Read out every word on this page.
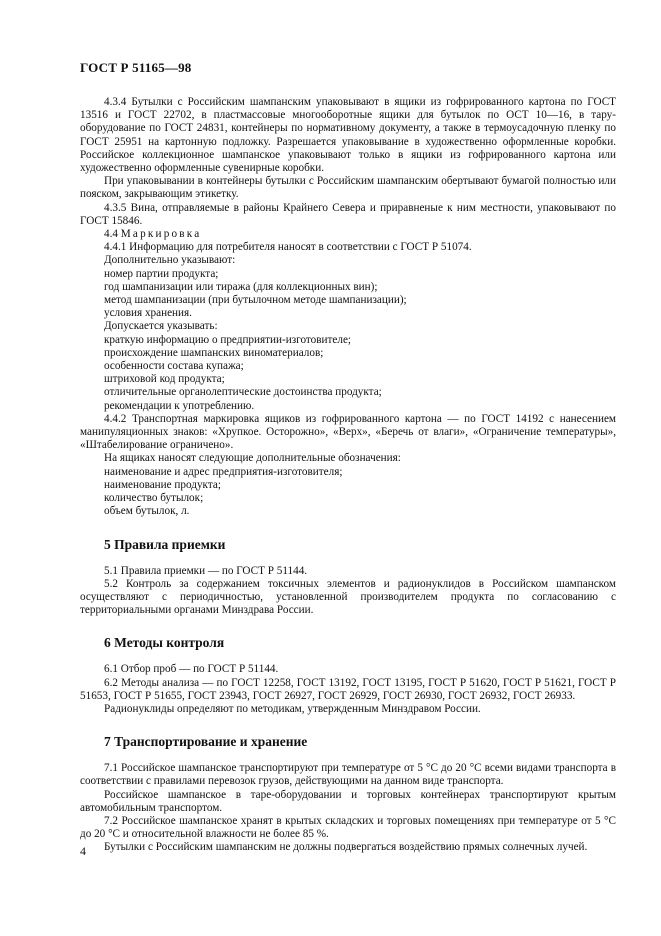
ГОСТ Р 51165—98

4.3.4 Бутылки с Российским шампанским упаковывают в ящики из гофрированного картона по ГОСТ 13516 и ГОСТ 22702, в пластмассовые многооборотные ящики для бутылок по ОСТ 10—16, в тару-оборудование по ГОСТ 24831, контейнеры по нормативному документу, а также в термоусадочную пленку по ГОСТ 25951 на картонную подложку. Разрешается упаковывание в художественно оформленные коробки. Российское коллекционное шампанское упаковывают только в ящики из гофрированного картона или художественно оформленные сувенирные коробки.

При упаковывании в контейнеры бутылки с Российским шампанским обертывают бумагой полностью или пояском, закрывающим этикетку.

4.3.5 Вина, отправляемые в районы Крайнего Севера и приравненые к ним местности, упаковывают по ГОСТ 15846.

4.4 Маркировка

4.4.1 Информацию для потребителя наносят в соответствии с ГОСТ Р 51074.

Дополнительно указывают:

номер партии продукта;

год шампанизации или тиража (для коллекционных вин);

метод шампанизации (при бутылочном методе шампанизации);

условия хранения.

Допускается указывать:

краткую информацию о предприятии-изготовителе;

происхождение шампанских виноматериалов;

особенности состава купажа;

штриховой код продукта;

отличительные органолептические достоинства продукта;

рекомендации к употреблению.

4.4.2 Транспортная маркировка ящиков из гофрированного картона — по ГОСТ 14192 с нанесением манипуляционных знаков: «Хрупкое. Осторожно», «Верх», «Беречь от влаги», «Ограничение температуры», «Штабелирование ограничено».

На ящиках наносят следующие дополнительные обозначения:

наименование и адрес предприятия-изготовителя;

наименование продукта;

количество бутылок;

объем бутылок, л.

5 Правила приемки

5.1 Правила приемки — по ГОСТ Р 51144.

5.2 Контроль за содержанием токсичных элементов и радионуклидов в Российском шампанском осуществляют с периодичностью, установленной производителем продукта по согласованию с территориальными органами Минздрава России.

6 Методы контроля

6.1 Отбор проб — по ГОСТ Р 51144.

6.2 Методы анализа — по ГОСТ 12258, ГОСТ 13192, ГОСТ 13195, ГОСТ Р 51620, ГОСТ Р 51621, ГОСТ Р 51653, ГОСТ Р 51655, ГОСТ 23943, ГОСТ 26927, ГОСТ 26929, ГОСТ 26930, ГОСТ 26932, ГОСТ 26933.

Радионуклиды определяют по методикам, утвержденным Минздравом России.

7 Транспортирование и хранение

7.1 Российское шампанское транспортируют при температуре от 5 °С до 20 °С всеми видами транспорта в соответствии с правилами перевозок грузов, действующими на данном виде транспорта.

Российское шампанское в таре-оборудовании и торговых контейнерах транспортируют крытым автомобильным транспортом.

7.2 Российское шампанское хранят в крытых складских и торговых помещениях при температуре от 5 °С до 20 °С и относительной влажности не более 85 %.

Бутылки с Российским шампанским не должны подвергаться воздействию прямых солнечных лучей.

4
